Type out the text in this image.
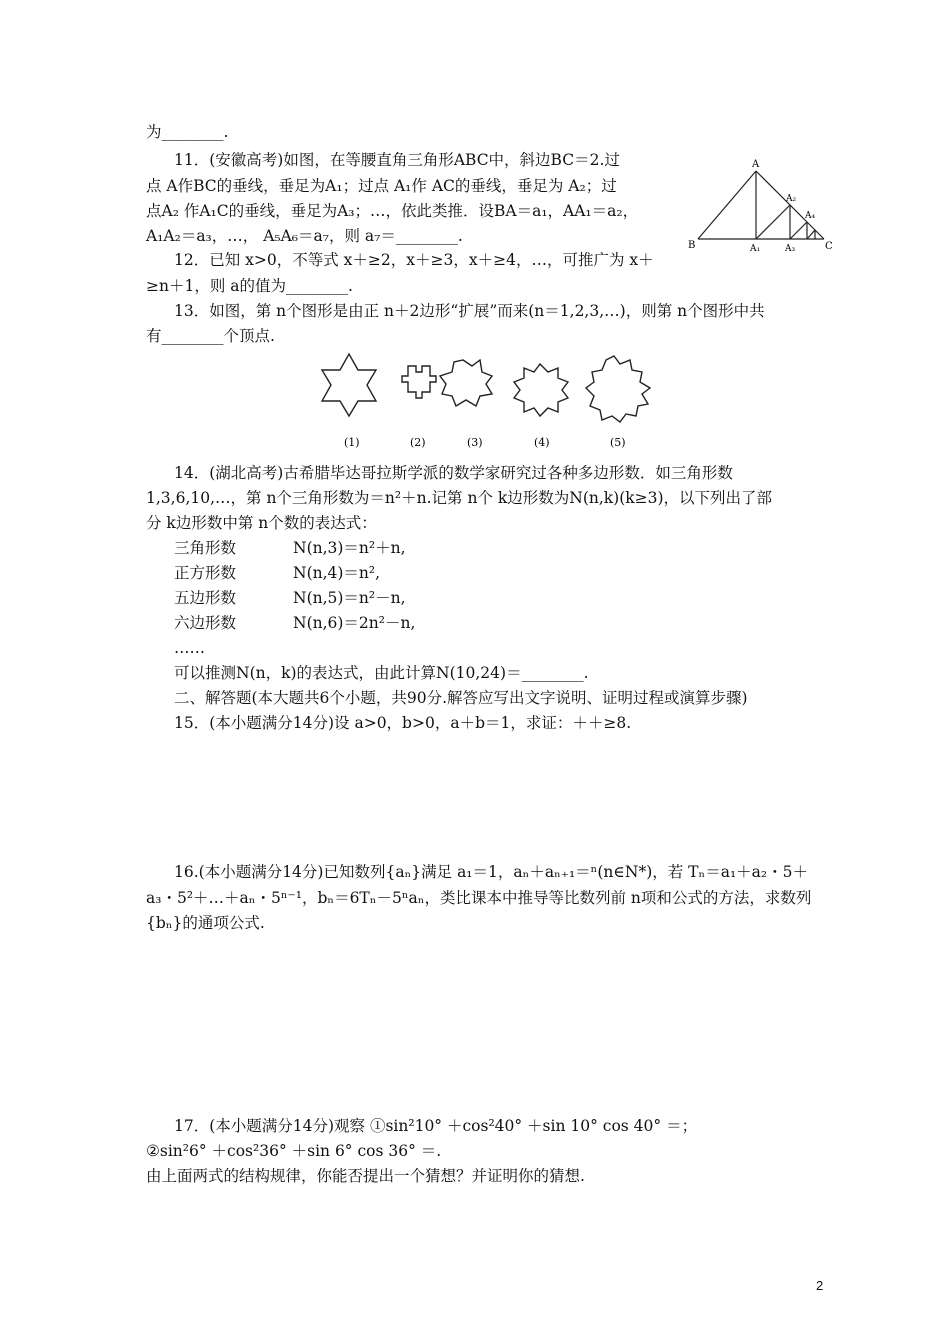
为________.
11．(安徽高考)如图，在等腰直角三角形ABC中，斜边BC＝2.过
点 A作BC的垂线，垂足为A₁；过点 A₁作 AC的垂线，垂足为 A₂；过
点A₂ 作A₁C的垂线，垂足为A₃；…，依此类推．设BA＝a₁，AA₁＝a₂，
A₁A₂＝a₃，…， A₅A₆＝a₇，则 a₇＝________.
A
A₂
A₄
B	A₁	A₃	C
12．已知 x>0，不等式 x＋≥2，x＋≥3，x＋≥4，…，可推广为 x＋
≥n＋1，则 a的值为________.
13．如图，第 n个图形是由正 n＋2边形“扩展”而来(n＝1,2,3,…)，则第 n个图形中共
有________个顶点.
(1)	(2)	(3)	(4)	(5)
14．(湖北高考)古希腊毕达哥拉斯学派的数学家研究过各种多边形数．如三角形数
1,3,6,10,…，第 n个三角形数为＝n²＋n.记第 n个 k边形数为N(n,k)(k≥3)，以下列出了部
分 k边形数中第 n个数的表达式：
三角形数	N(n,3)＝n²＋n,
正方形数	N(n,4)＝n²,
五边形数	N(n,5)＝n²－n,
六边形数	N(n,6)＝2n²－n,
……
可以推测N(n，k)的表达式，由此计算N(10,24)＝________.
二、解答题(本大题共6个小题，共90分.解答应写出文字说明、证明过程或演算步骤)
15．(本小题满分14分)设 a>0，b>0，a＋b＝1，求证：＋＋≥8.
16.(本小题满分14分)已知数列{aₙ}满足 a₁＝1，aₙ＋aₙ₊₁＝ⁿ(n∈N*)，若 Tₙ＝a₁＋a₂・5＋
a₃・5²＋…＋aₙ・5ⁿ⁻¹，bₙ＝6Tₙ－5ⁿaₙ，类比课本中推导等比数列前 n项和公式的方法，求数列
{bₙ}的通项公式.
17．(本小题满分14分)观察 ①sin²10° ＋cos²40° ＋sin 10° cos 40° ＝；
②sin²6° ＋cos²36° ＋sin 6° cos 36° ＝.
由上面两式的结构规律，你能否提出一个猜想？并证明你的猜想.
2
